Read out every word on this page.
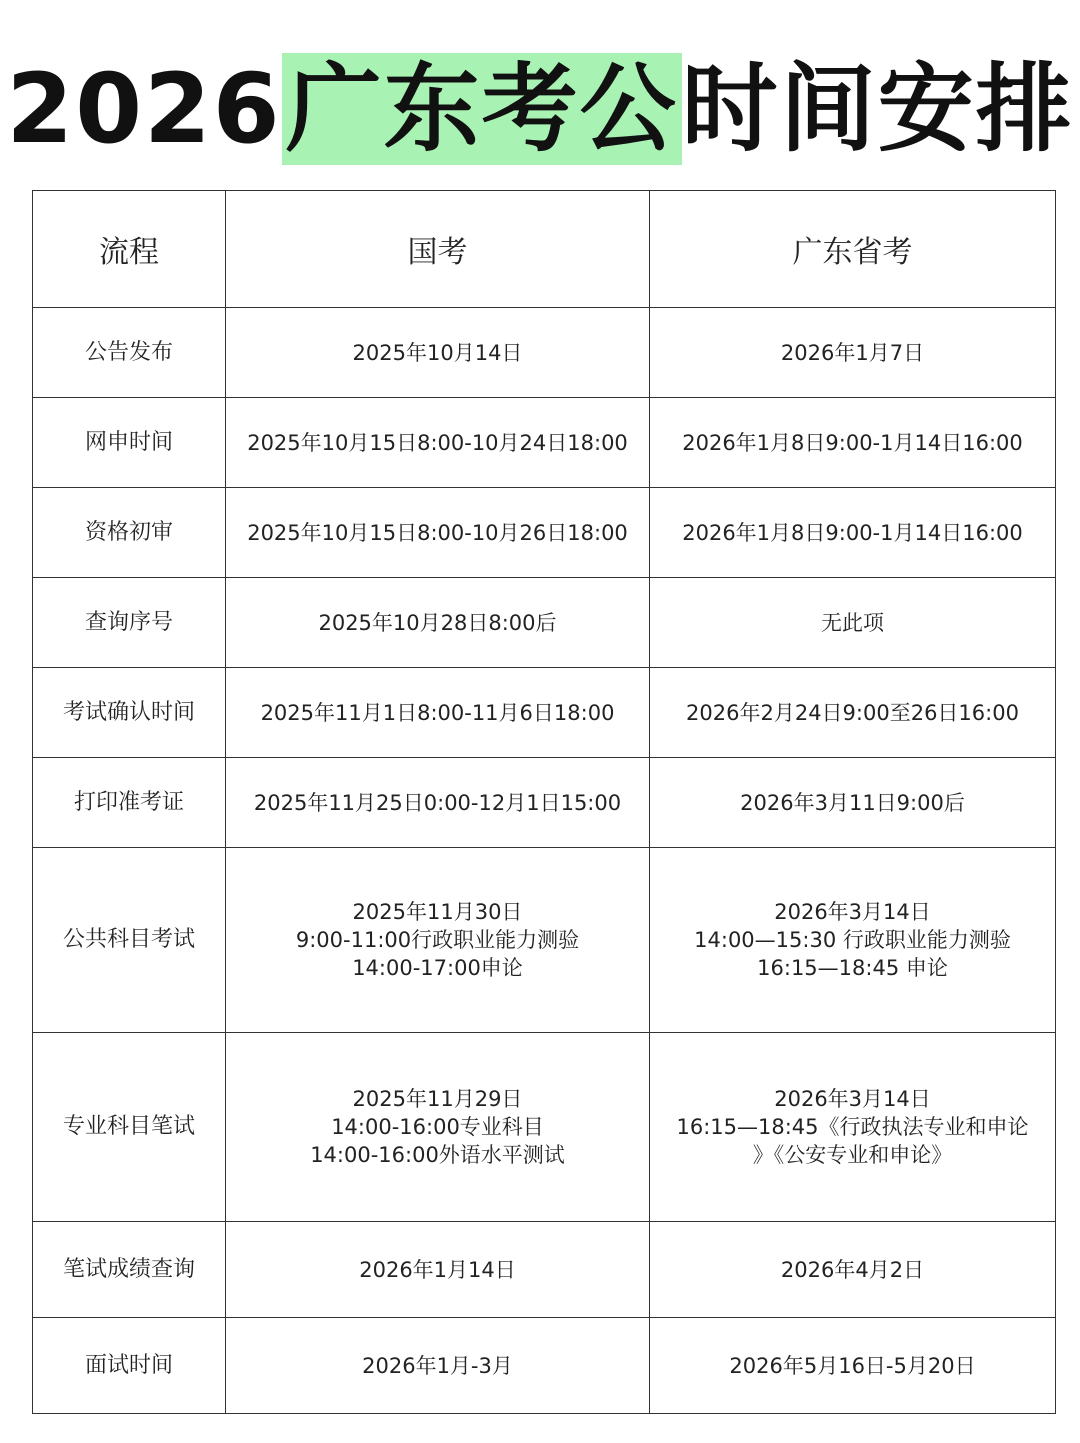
2026广东考公时间安排
流程	国考	广东省考
公告发布	2025年10月14日	2026年1月7日

网申时间	2025年10月15日8:00-10月24日18:00	2026年1月8日9:00-1月14日16:00

资格初审	2025年10月15日8:00-10月26日18:00	2026年1月8日9:00-1月14日16:00

查询序号	2025年10月28日8:00后	无此项

考试确认时间	2025年11月1日8:00-11月6日18:00	2026年2月24日9:00至26日16:00

打印准考证	2025年11月25日0:00-12月1日15:00	2026年3月11日9:00后

公共科目考试	2025年11月30日
9:00-11:00行政职业能力测验
14:00-17:00申论	2026年3月14日
14:00—15:30 行政职业能力测验
16:15—18:45 申论

专业科目笔试	2025年11月29日
14:00-16:00专业科目
14:00-16:00外语水平测试	2026年3月14日
16:15—18:45《行政执法专业和申论
》《公安专业和申论》

笔试成绩查询	2026年1月14日	2026年4月2日

面试时间	2026年1月-3月	2026年5月16日-5月20日
